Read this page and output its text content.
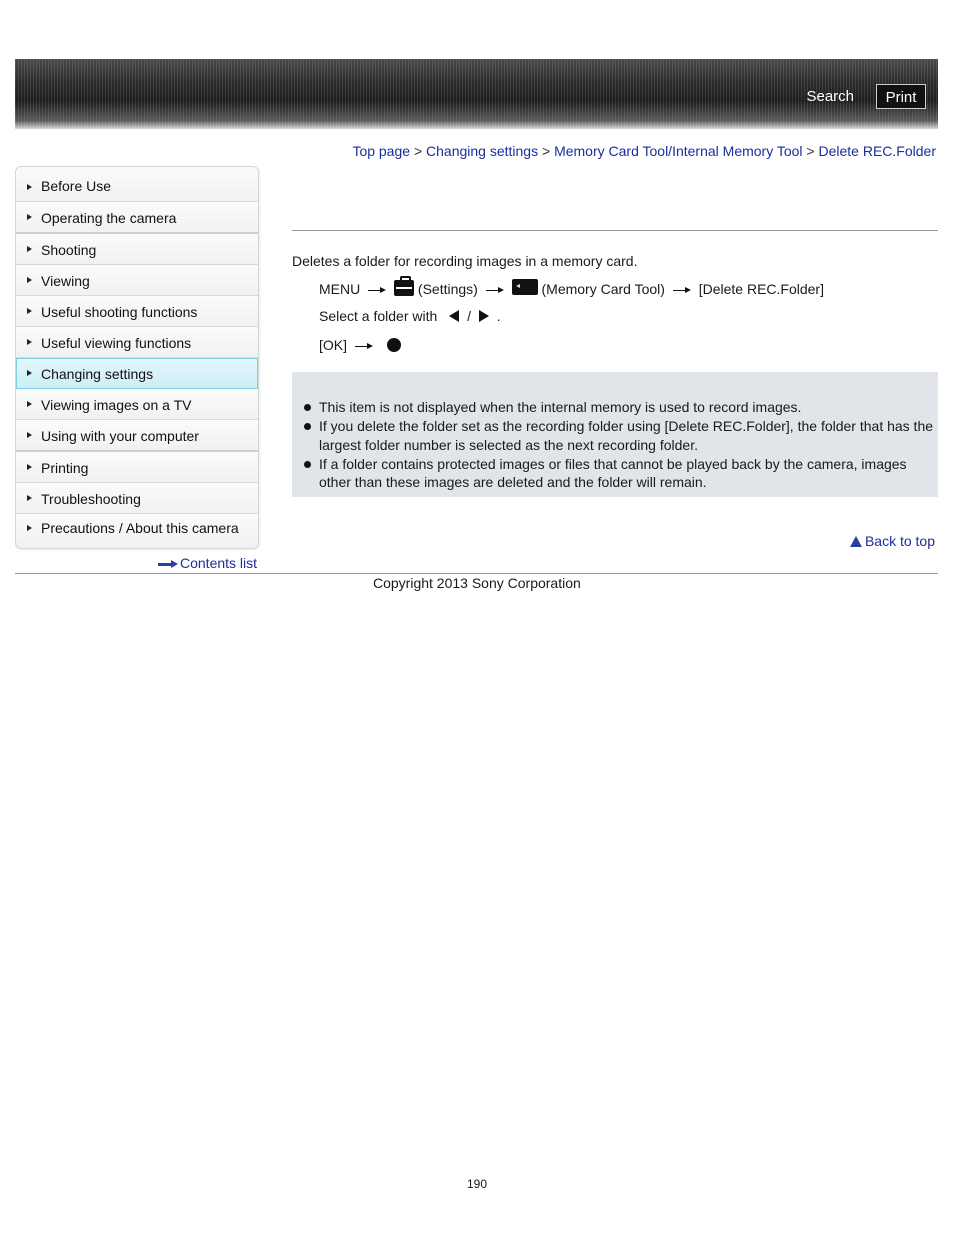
Search	Print
Top page > Changing settings > Memory Card Tool/Internal Memory Tool > Delete REC.Folder
Before Use
Operating the camera
Shooting
Viewing
Useful shooting functions
Useful viewing functions
Changing settings
Viewing images on a TV
Using with your computer
Printing
Troubleshooting
Precautions / About this camera
Contents list
Deletes a folder for recording images in a memory card.
MENU	(Settings)	(Memory Card Tool) [Delete REC.Folder]
Select a folder with / .
[OK]
This item is not displayed when the internal memory is used to record images.
If you delete the folder set as the recording folder using [Delete REC.Folder], the folder that has the largest folder number is selected as the next recording folder.
If a folder contains protected images or files that cannot be played back by the camera, images other than these images are deleted and the folder will remain.
Back to top
Copyright 2013 Sony Corporation
190
